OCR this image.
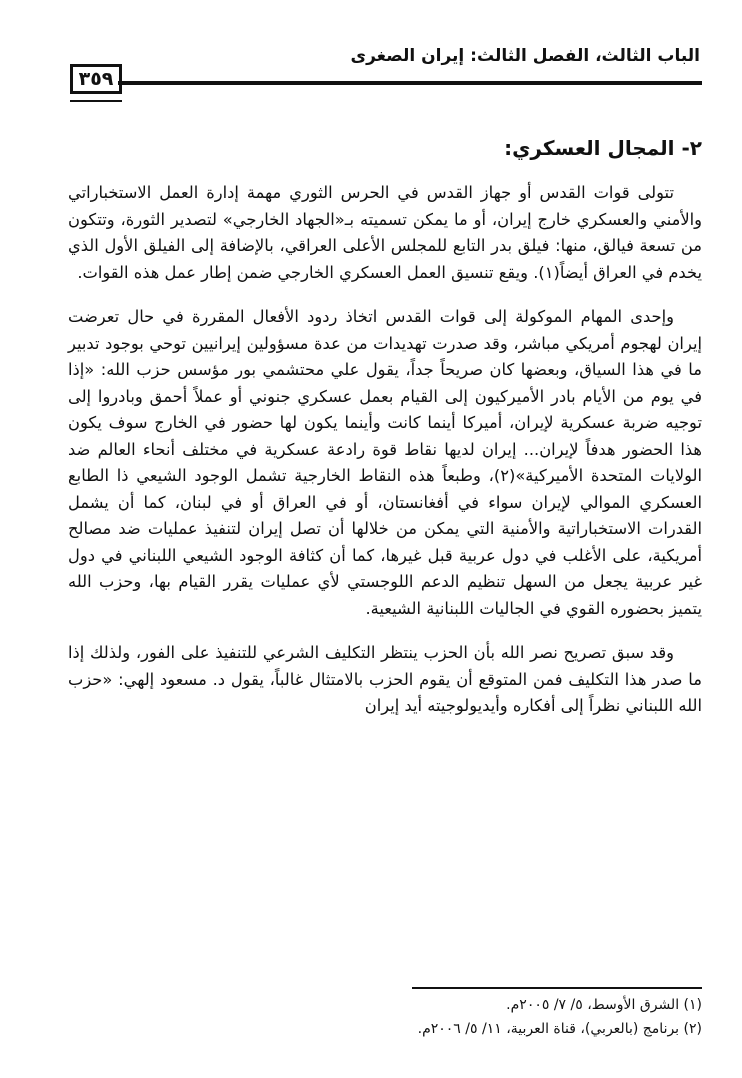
الباب الثالث، الفصل الثالث: إيران الصغرى
٣٥٩
٢- المجال العسكري:

تتولى قوات القدس أو جهاز القدس في الحرس الثوري مهمة إدارة العمل الاستخباراتي والأمني والعسكري خارج إيران، أو ما يمكن تسميته بـ«الجهاد الخارجي» لتصدير الثورة، وتتكون من تسعة فيالق، منها: فيلق بدر التابع للمجلس الأعلى العراقي، بالإضافة إلى الفيلق الأول الذي يخدم في العراق أيضاً(١). ويقع تنسيق العمل العسكري الخارجي ضمن إطار عمل هذه القوات.

وإحدى المهام الموكولة إلى قوات القدس اتخاذ ردود الأفعال المقررة في حال تعرضت إيران لهجوم أمريكي مباشر، وقد صدرت تهديدات من عدة مسؤولين إيرانيين توحي بوجود تدبير ما في هذا السياق، وبعضها كان صريحاً جداً، يقول علي محتشمي بور مؤسس حزب الله: «إذا في يوم من الأيام بادر الأميركيون إلى القيام بعمل عسكري جنوني أو عملاً أحمق وبادروا إلى توجيه ضربة عسكرية لإيران، أميركا أينما كانت وأينما يكون لها حضور في الخارج سوف يكون هذا الحضور هدفاً لإيران... إيران لديها نقاط قوة رادعة عسكرية في مختلف أنحاء العالم ضد الولايات المتحدة الأميركية»(٢)، وطبعاً هذه النقاط الخارجية تشمل الوجود الشيعي ذا الطابع العسكري الموالي لإيران سواء في أفغانستان، أو في العراق أو في لبنان، كما أن يشمل القدرات الاستخباراتية والأمنية التي يمكن من خلالها أن تصل إيران لتنفيذ عمليات ضد مصالح أمريكية، على الأغلب في دول عربية قبل غيرها، كما أن كثافة الوجود الشيعي اللبناني في دول غير عربية يجعل من السهل تنظيم الدعم اللوجستي لأي عمليات يقرر القيام بها، وحزب الله يتميز بحضوره القوي في الجاليات اللبنانية الشيعية.

وقد سبق تصريح نصر الله بأن الحزب ينتظر التكليف الشرعي للتنفيذ على الفور، ولذلك إذا ما صدر هذا التكليف فمن المتوقع أن يقوم الحزب بالامتثال غالباً، يقول د. مسعود إلهي: «حزب الله اللبناني نظراً إلى أفكاره وأيديولوجيته أيد إيران

(١) الشرق الأوسط، ٥/ ٧/ ٢٠٠٥م.
(٢) برنامج (بالعربي)، قناة العربية، ١١/ ٥/ ٢٠٠٦م.
